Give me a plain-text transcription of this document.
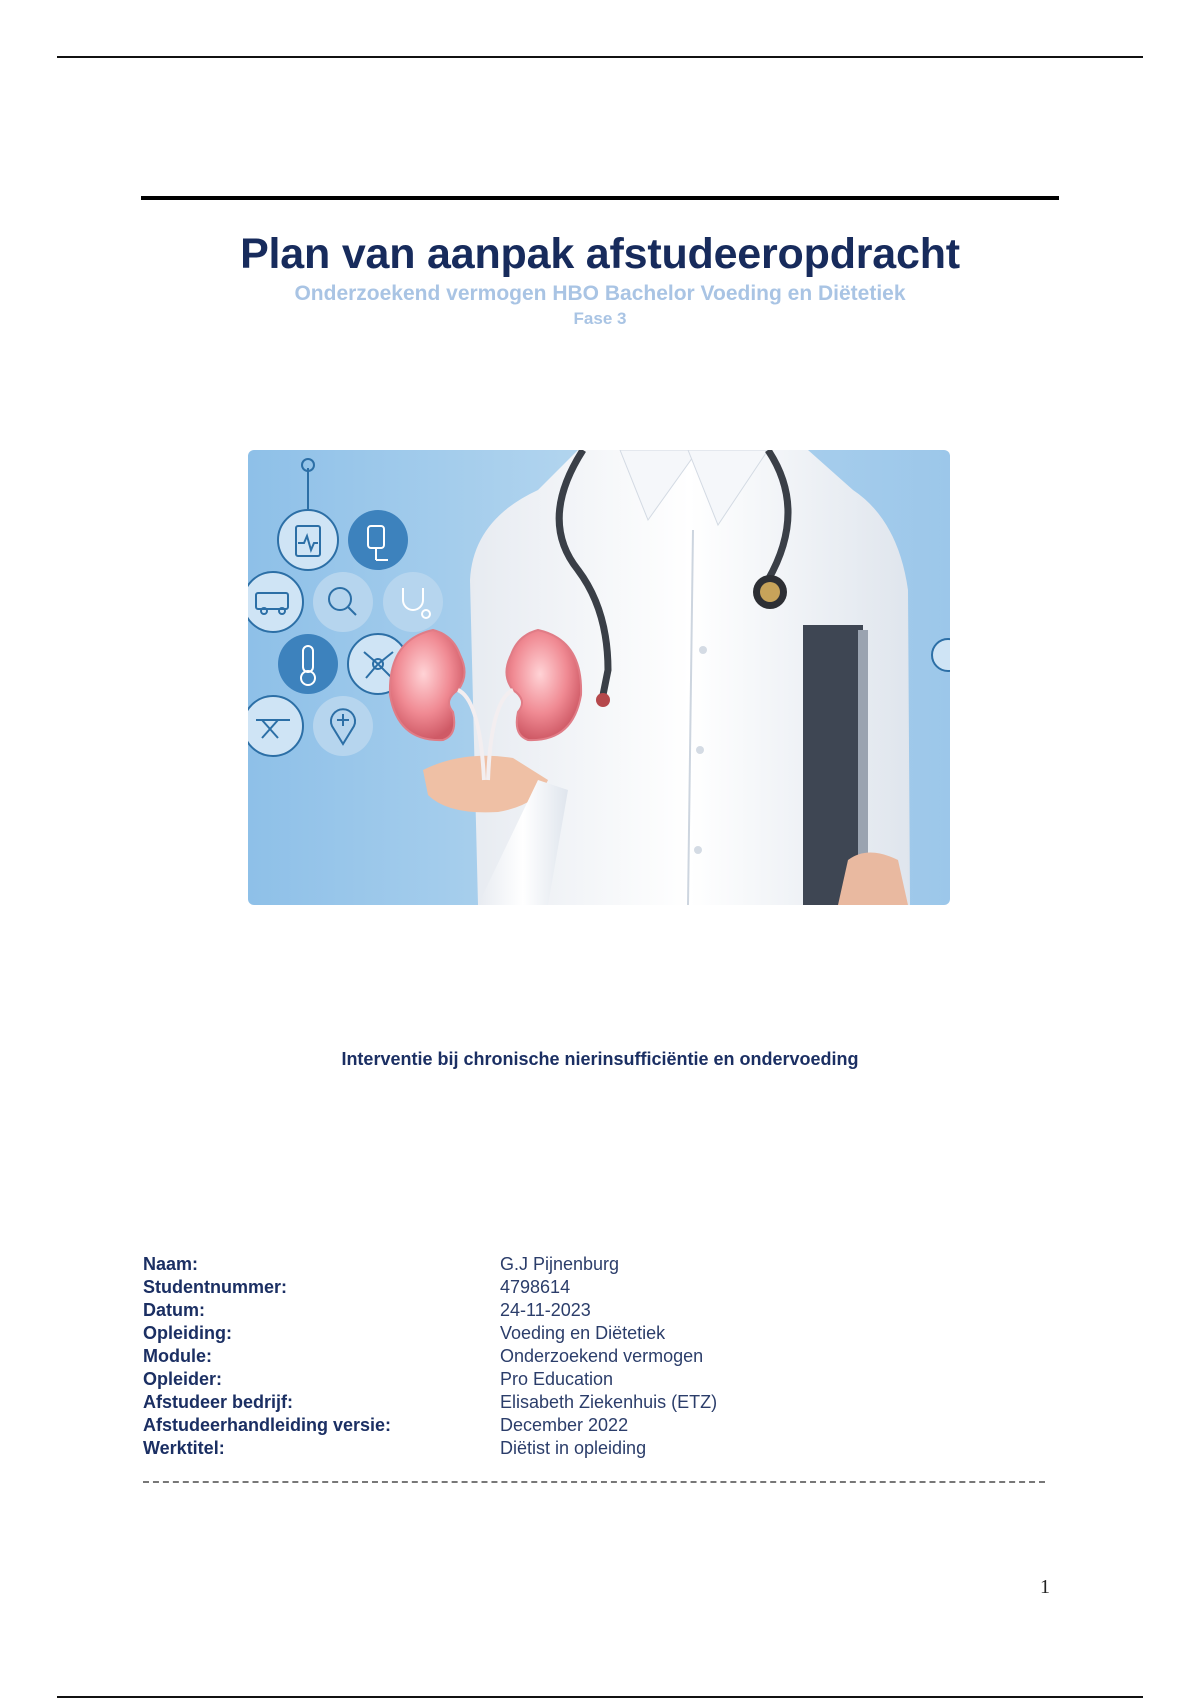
Plan van aanpak afstudeeropdracht
Onderzoekend vermogen HBO Bachelor Voeding en Diëtetiek
Fase 3
Interventie bij chronische nierinsufficiëntie en ondervoeding
Naam:	G.J Pijnenburg
Studentnummer:	4798614
Datum:	24-11-2023
Opleiding:	Voeding en Diëtetiek
Module:	Onderzoekend vermogen
Opleider:	Pro Education
Afstudeer bedrijf:	Elisabeth Ziekenhuis (ETZ)
Afstudeerhandleiding versie:	December 2022
Werktitel:	Diëtist in opleiding
1
